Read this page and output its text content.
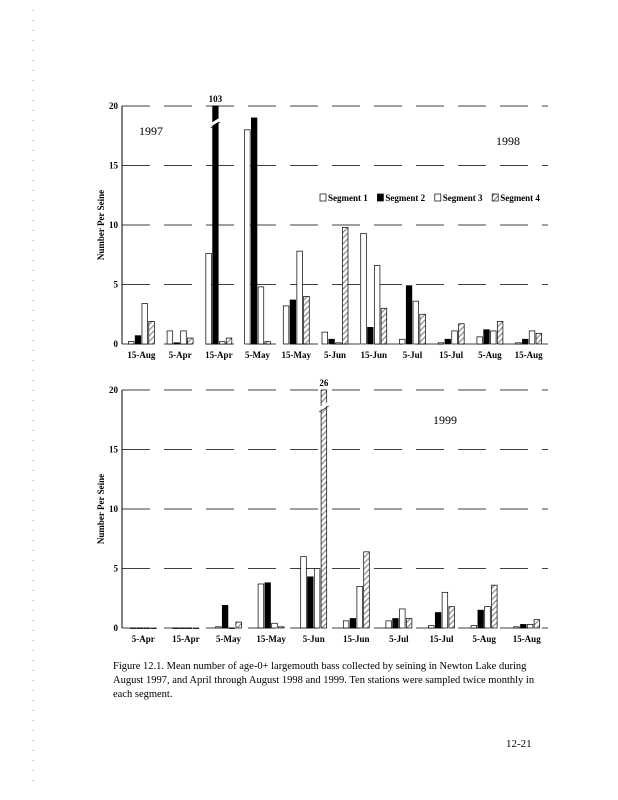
0
5
10
15
20
Number Per Seine
15-Aug 5-Apr
103
15-Apr 5-May 15-May 5-Jun 15-Jun 5-Jul 15-Jul 5-Aug 15-Aug
1997
1998
Segment 1 Segment 2 Segment 3 Segment 4
0
5
10
15
20
Number Per Seine
5-Apr 15-Apr 5-May 15-May
26
5-Jun 15-Jun 5-Jul 15-Jul 5-Aug 15-Aug
1999
Figure 12.1. Mean number of age-0+ largemouth bass collected by seining in Newton Lake during August 1997, and April through August 1998 and 1999. Ten stations were sampled twice monthly in each segment.
12-21
